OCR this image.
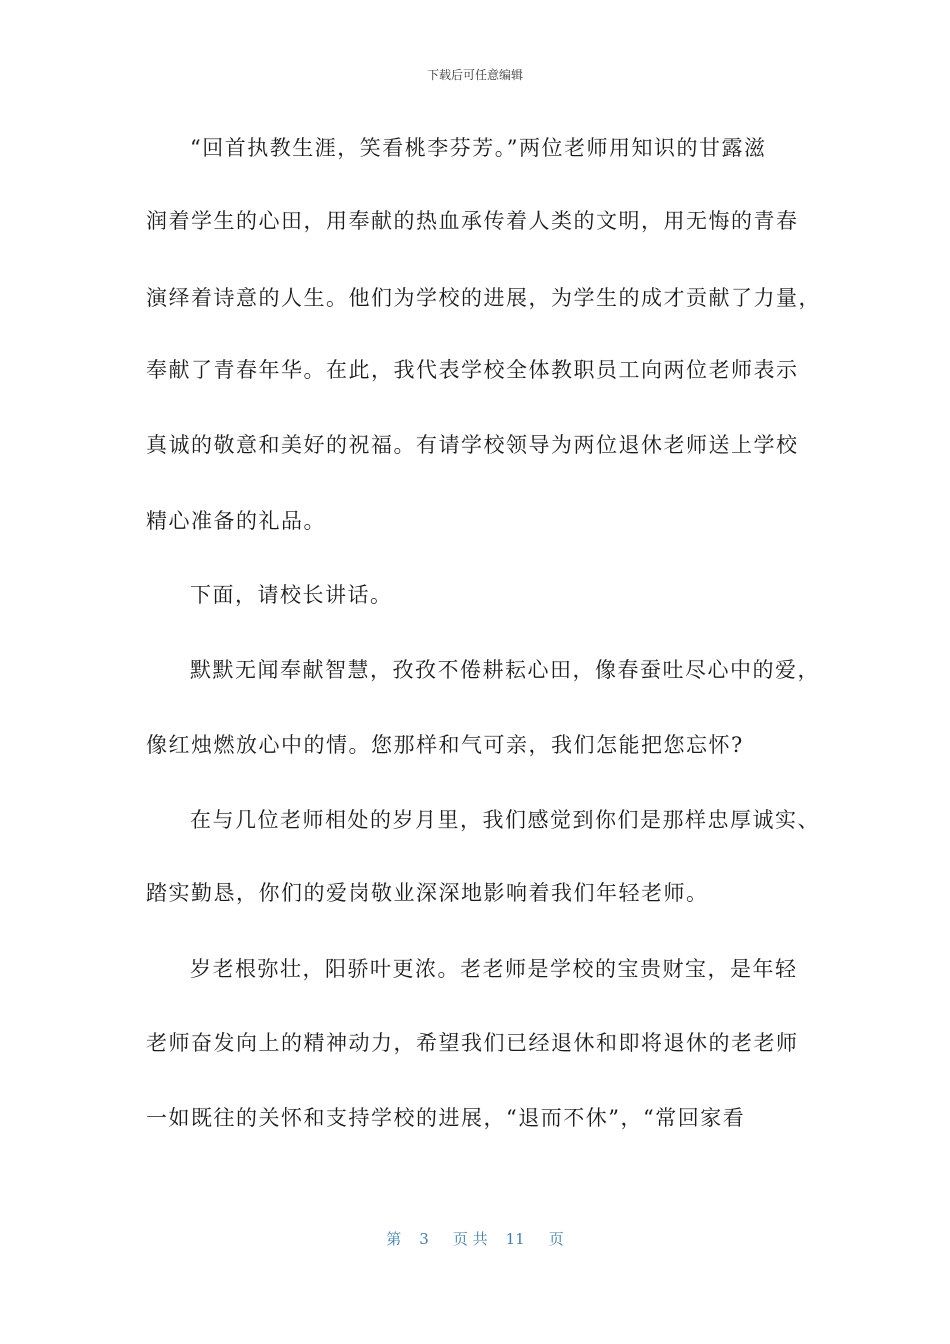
下载后可任意编辑
“回首执教生涯，笑看桃李芬芳。”两位老师用知识的甘露滋
润着学生的心田，用奉献的热血承传着人类的文明，用无悔的青春
演绎着诗意的人生。他们为学校的进展，为学生的成才贡献了力量，
奉献了青春年华。在此，我代表学校全体教职员工向两位老师表示
真诚的敬意和美好的祝福。有请学校领导为两位退休老师送上学校
精心准备的礼品。
下面，请校长讲话。
默默无闻奉献智慧，孜孜不倦耕耘心田，像春蚕吐尽心中的爱，
像红烛燃放心中的情。您那样和气可亲，我们怎能把您忘怀?
在与几位老师相处的岁月里，我们感觉到你们是那样忠厚诚实、
踏实勤恳，你们的爱岗敬业深深地影响着我们年轻老师。
岁老根弥壮，阳骄叶更浓。老老师是学校的宝贵财宝，是年轻
老师奋发向上的精神动力，希望我们已经退休和即将退休的老老师
一如既往的关怀和支持学校的进展，“退而不休”，“常回家看
第 3 页 共 11 页
